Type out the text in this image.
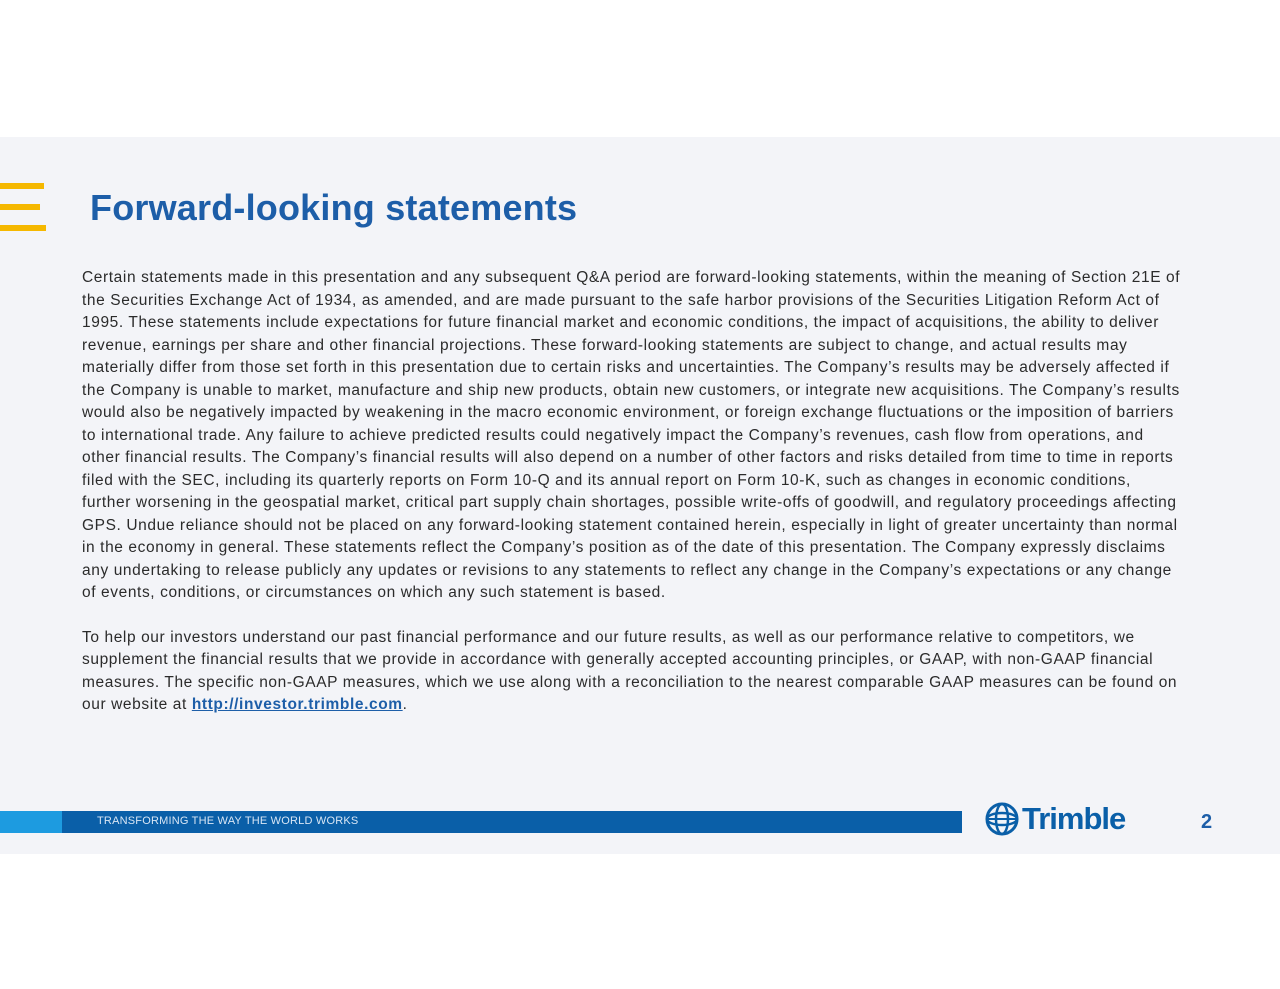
Forward-looking statements

Certain statements made in this presentation and any subsequent Q&A period are forward-looking statements, within the meaning of Section 21E of the Securities Exchange Act of 1934, as amended, and are made pursuant to the safe harbor provisions of the Securities Litigation Reform Act of 1995. These statements include expectations for future financial market and economic conditions, the impact of acquisitions, the ability to deliver revenue, earnings per share and other financial projections. These forward-looking statements are subject to change, and actual results may materially differ from those set forth in this presentation due to certain risks and uncertainties. The Company’s results may be adversely affected if the Company is unable to market, manufacture and ship new products, obtain new customers, or integrate new acquisitions. The Company’s results would also be negatively impacted by weakening in the macro economic environment, or foreign exchange fluctuations or the imposition of barriers to international trade. Any failure to achieve predicted results could negatively impact the Company’s revenues, cash flow from operations, and other financial results. The Company’s financial results will also depend on a number of other factors and risks detailed from time to time in reports filed with the SEC, including its quarterly reports on Form 10-Q and its annual report on Form 10-K, such as changes in economic conditions, further worsening in the geospatial market, critical part supply chain shortages, possible write-offs of goodwill, and regulatory proceedings affecting GPS. Undue reliance should not be placed on any forward-looking statement contained herein, especially in light of greater uncertainty than normal in the economy in general. These statements reflect the Company’s position as of the date of this presentation. The Company expressly disclaims any undertaking to release publicly any updates or revisions to any statements to reflect any change in the Company’s expectations or any change of events, conditions, or circumstances on which any such statement is based.

To help our investors understand our past financial performance and our future results, as well as our performance relative to competitors, we supplement the financial results that we provide in accordance with generally accepted accounting principles, or GAAP, with non-GAAP financial measures. The specific non-GAAP measures, which we use along with a reconciliation to the nearest comparable GAAP measures can be found on our website at http://investor.trimble.com.

TRANSFORMING THE WAY THE WORLD WORKS	Trimble	2
